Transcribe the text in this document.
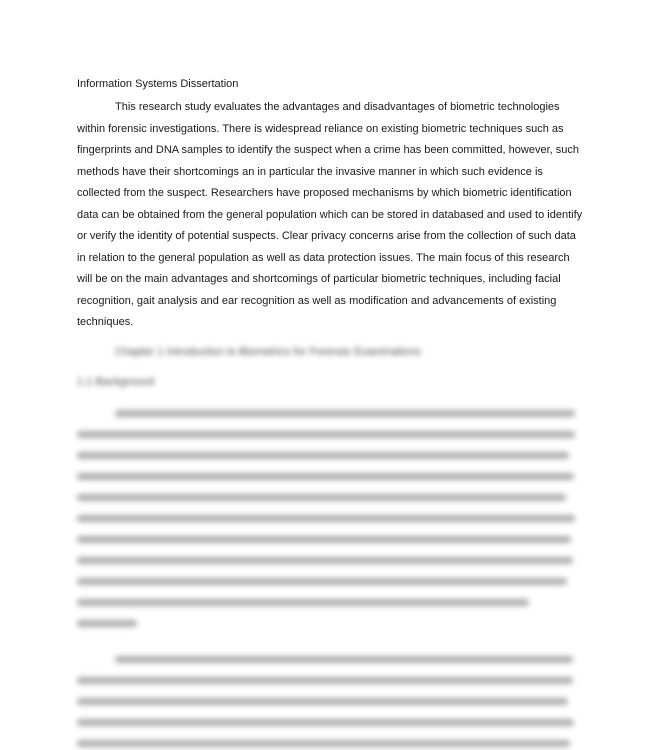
Information Systems Dissertation
This research study evaluates the advantages and disadvantages of biometric technologies
within forensic investigations. There is widespread reliance on existing biometric techniques such as
fingerprints and DNA samples to identify the suspect when a crime has been committed, however, such
methods have their shortcomings an in particular the invasive manner in which such evidence is
collected from the suspect. Researchers have proposed mechanisms by which biometric identification
data can be obtained from the general population which can be stored in databased and used to identify
or verify the identity of potential suspects. Clear privacy concerns arise from the collection of such data
in relation to the general population as well as data protection issues. The main focus of this research
will be on the main advantages and shortcomings of particular biometric techniques, including facial
recognition, gait analysis and ear recognition as well as modification and advancements of existing
techniques.
Chapter 1 Introduction to Biometrics for Forensic Examinations
1.1 Background
